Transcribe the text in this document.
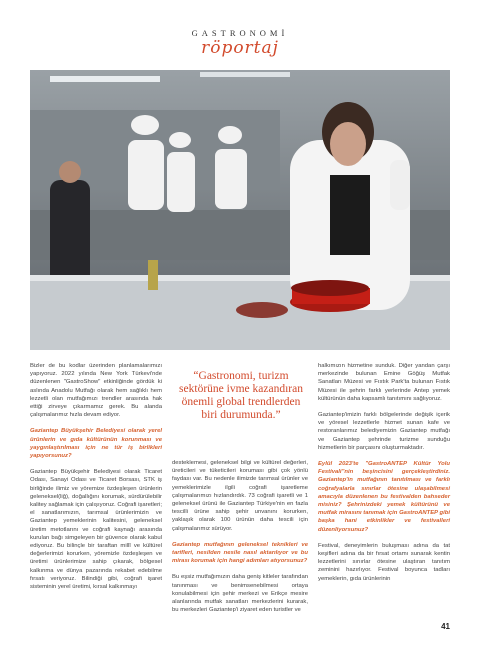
GASTRONOMİ
röportaj

Bizler de bu kodlar üzerinden planlamalarımızı yapıyoruz. 2022 yılında New York Türkevi'nde düzenlenen "GastroShow" etkinliğinde gördük ki aslında Anadolu Mutfağı olarak hem sağlıklı hem lezzetli olan mutfağımızı trendler arasında hak ettiği zirveye çıkarmamız gerek. Bu alanda çalışmalarımız hızla devam ediyor.

Gaziantep Büyükşehir Belediyesi olarak yerel ürünlerin ve gıda kültürünün korunması ve yaygınlaştırılması için ne tür iş birlikleri yapıyorsunuz?

Gaziantep Büyükşehir Belediyesi olarak Ticaret Odası, Sanayi Odası ve Ticaret Borsası, STK iş birliğinde ilimiz ve yöremize özdeşleşen ürünlerin geleneksel(liğ), doğallığını korumak, sürdürülebilir kalitey sağlamak için çalışıyoruz. Coğrafi işaretleri; el sanatlarımızın, tarımsal ürünlerimizin ve Gaziantep yemeklerinin kalitesini, geleneksel üretim metotlarını ve coğrafi kaynağı arasında kurulan bağı simgeleyen bir güvence olarak kabul ediyoruz. Bu bilinçle bir taraftan millî ve kültürel değerlerimizi korurken, yöremizle özdeşleşen ve üretimi ürünlerimize sahip çıkarak, bölgesel kalkınma ve dünya pazarında rekabet edebilme fırsatı veriyoruz. Bilindiği gibi, coğrafi işaret sisteminin yerel üretimi, kırsal kalkınmayı

desteklemesi, geleneksel bilgi ve kültürel değerleri, üreticileri ve tüketicileri koruması gibi çok yönlü faydası var. Bu nedenle ilimizde tarımsal ürünler ve yemeklerimizle ilgili coğrafi işaretleme çalışmalarımızı hızlandırdık. 73 coğrafi işaretli ve 1 geleneksel ürünü ile Gaziantep Türkiye'nin en fazla tescilli ürüne sahip şehir unvanını korurken, yaklaşık olarak 100 ürünün daha tescili için çalışmalarımız sürüyor.

Gaziantep mutfağının geleneksel teknikleri ve tarifleri, nesilden nesile nasıl aktarılıyor ve bu mirası korumak için hangi adımları atıyorsunuz?

Bu eşsiz mutfağımızın daha geniş kitleler tarafından tanınması ve benimsenebilmesi ortaya konulabilmesi için şehir merkezi ve Erikçe mesire alanlarında mutfak sanatları merkezlerini kurarak, bu merkezleri Gaziantep'i ziyaret eden turistler ve

“Gastronomi, turizm sektörüne ivme kazandıran önemli global trendlerden biri durumunda.”

halkımızın hizmetine sunduk. Diğer yandan çarşı merkezinde bulunan Emine Göğüş Mutfak Sanatları Müzesi ve Fıstık Park'ta bulunan Fıstık Müzesi ile şehrin farklı yerlerinde Antep yemek kültürünün daha kapsamlı tanıtımını sağlıyoruz.

Gaziantep'imizin farklı bölgelerinde değişik içerik ve yöresel lezzetlerle hizmet sunan kafe ve restoranlarımız belediyemizin Gaziantep mutfağı ve Gaziantep şehrinde turizme sunduğu hizmetlerin bir parçasını oluşturmaktadır.

Eylül 2023'te "GastroANTEP Kültür Yolu Festivali"nin beşincisini gerçekleştirdiniz. Gaziantep'in mutfağının tanıtılması ve farklı coğrafyalarla sınırlar ötesine ulaşabilmesi amacıyla düzenlenen bu festivalden bahseder misiniz? Şehrinizdeki yemek kültürünü ve mutfak mirasını tanımak için GastroANTEP gibi başka hani etkinlikler ve festivalleri düzenliyorsunuz?

Festival, deneyimlerin buluşması adına da tat keşifleri adına da bir fırsat ortamı sunarak kentin lezzetlerini sınırlar ötesine ulaştıran tanıtım zeminini hazırlıyor. Festival boyunca tadları yemeklerin, gıda ürünlerinin

41
